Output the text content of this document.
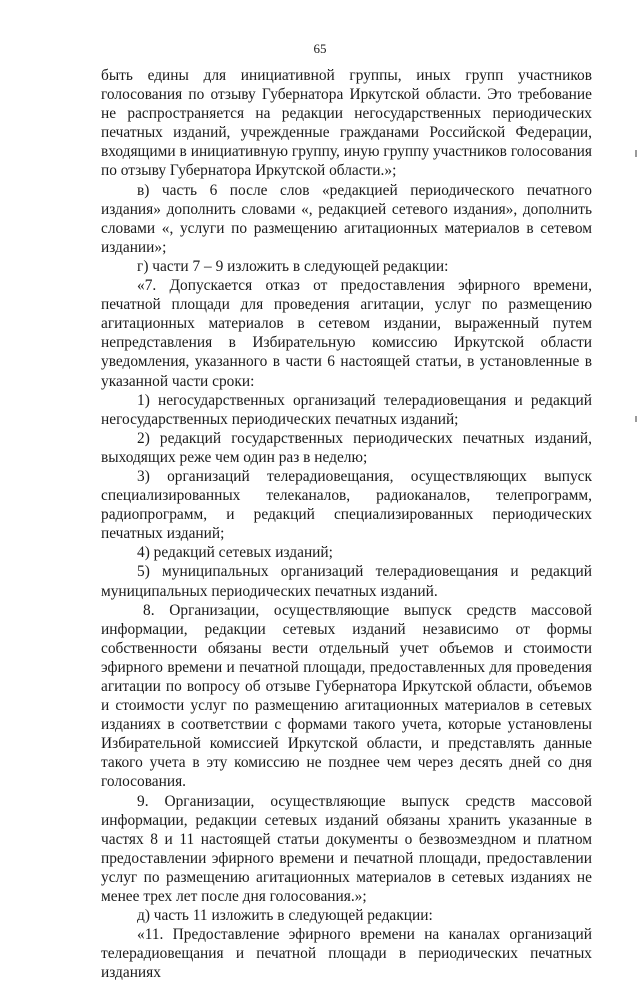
65

быть едины для инициативной группы, иных групп участников голосования по отзыву Губернатора Иркутской области. Это требование не распространяется на редакции негосударственных периодических печатных изданий, учрежденные гражданами Российской Федерации, входящими в инициативную группу, иную группу участников голосования по отзыву Губернатора Иркутской области.»;

в) часть 6 после слов «редакцией периодического печатного издания» дополнить словами «, редакцией сетевого издания», дополнить словами «, услуги по размещению агитационных материалов в сетевом издании»;

г) части 7 – 9 изложить в следующей редакции:

«7. Допускается отказ от предоставления эфирного времени, печатной площади для проведения агитации, услуг по размещению агитационных материалов в сетевом издании, выраженный путем непредставления в Избирательную комиссию Иркутской области уведомления, указанного в части 6 настоящей статьи, в установленные в указанной части сроки:

1) негосударственных организаций телерадиовещания и редакций негосударственных периодических печатных изданий;

2) редакций государственных периодических печатных изданий, выходящих реже чем один раз в неделю;

3) организаций телерадиовещания, осуществляющих выпуск специализированных телеканалов, радиоканалов, телепрограмм, радиопрограмм, и редакций специализированных периодических печатных изданий;

4) редакций сетевых изданий;

5) муниципальных организаций телерадиовещания и редакций муниципальных периодических печатных изданий.

8. Организации, осуществляющие выпуск средств массовой информации, редакции сетевых изданий независимо от формы собственности обязаны вести отдельный учет объемов и стоимости эфирного времени и печатной площади, предоставленных для проведения агитации по вопросу об отзыве Губернатора Иркутской области, объемов и стоимости услуг по размещению агитационных материалов в сетевых изданиях в соответствии с формами такого учета, которые установлены Избирательной комиссией Иркутской области, и представлять данные такого учета в эту комиссию не позднее чем через десять дней со дня голосования.

9. Организации, осуществляющие выпуск средств массовой информации, редакции сетевых изданий обязаны хранить указанные в частях 8 и 11 настоящей статьи документы о безвозмездном и платном предоставлении эфирного времени и печатной площади, предоставлении услуг по размещению агитационных материалов в сетевых изданиях не менее трех лет после дня голосования.»;

д) часть 11 изложить в следующей редакции:

«11. Предоставление эфирного времени на каналах организаций телерадиовещания и печатной площади в периодических печатных изданиях
